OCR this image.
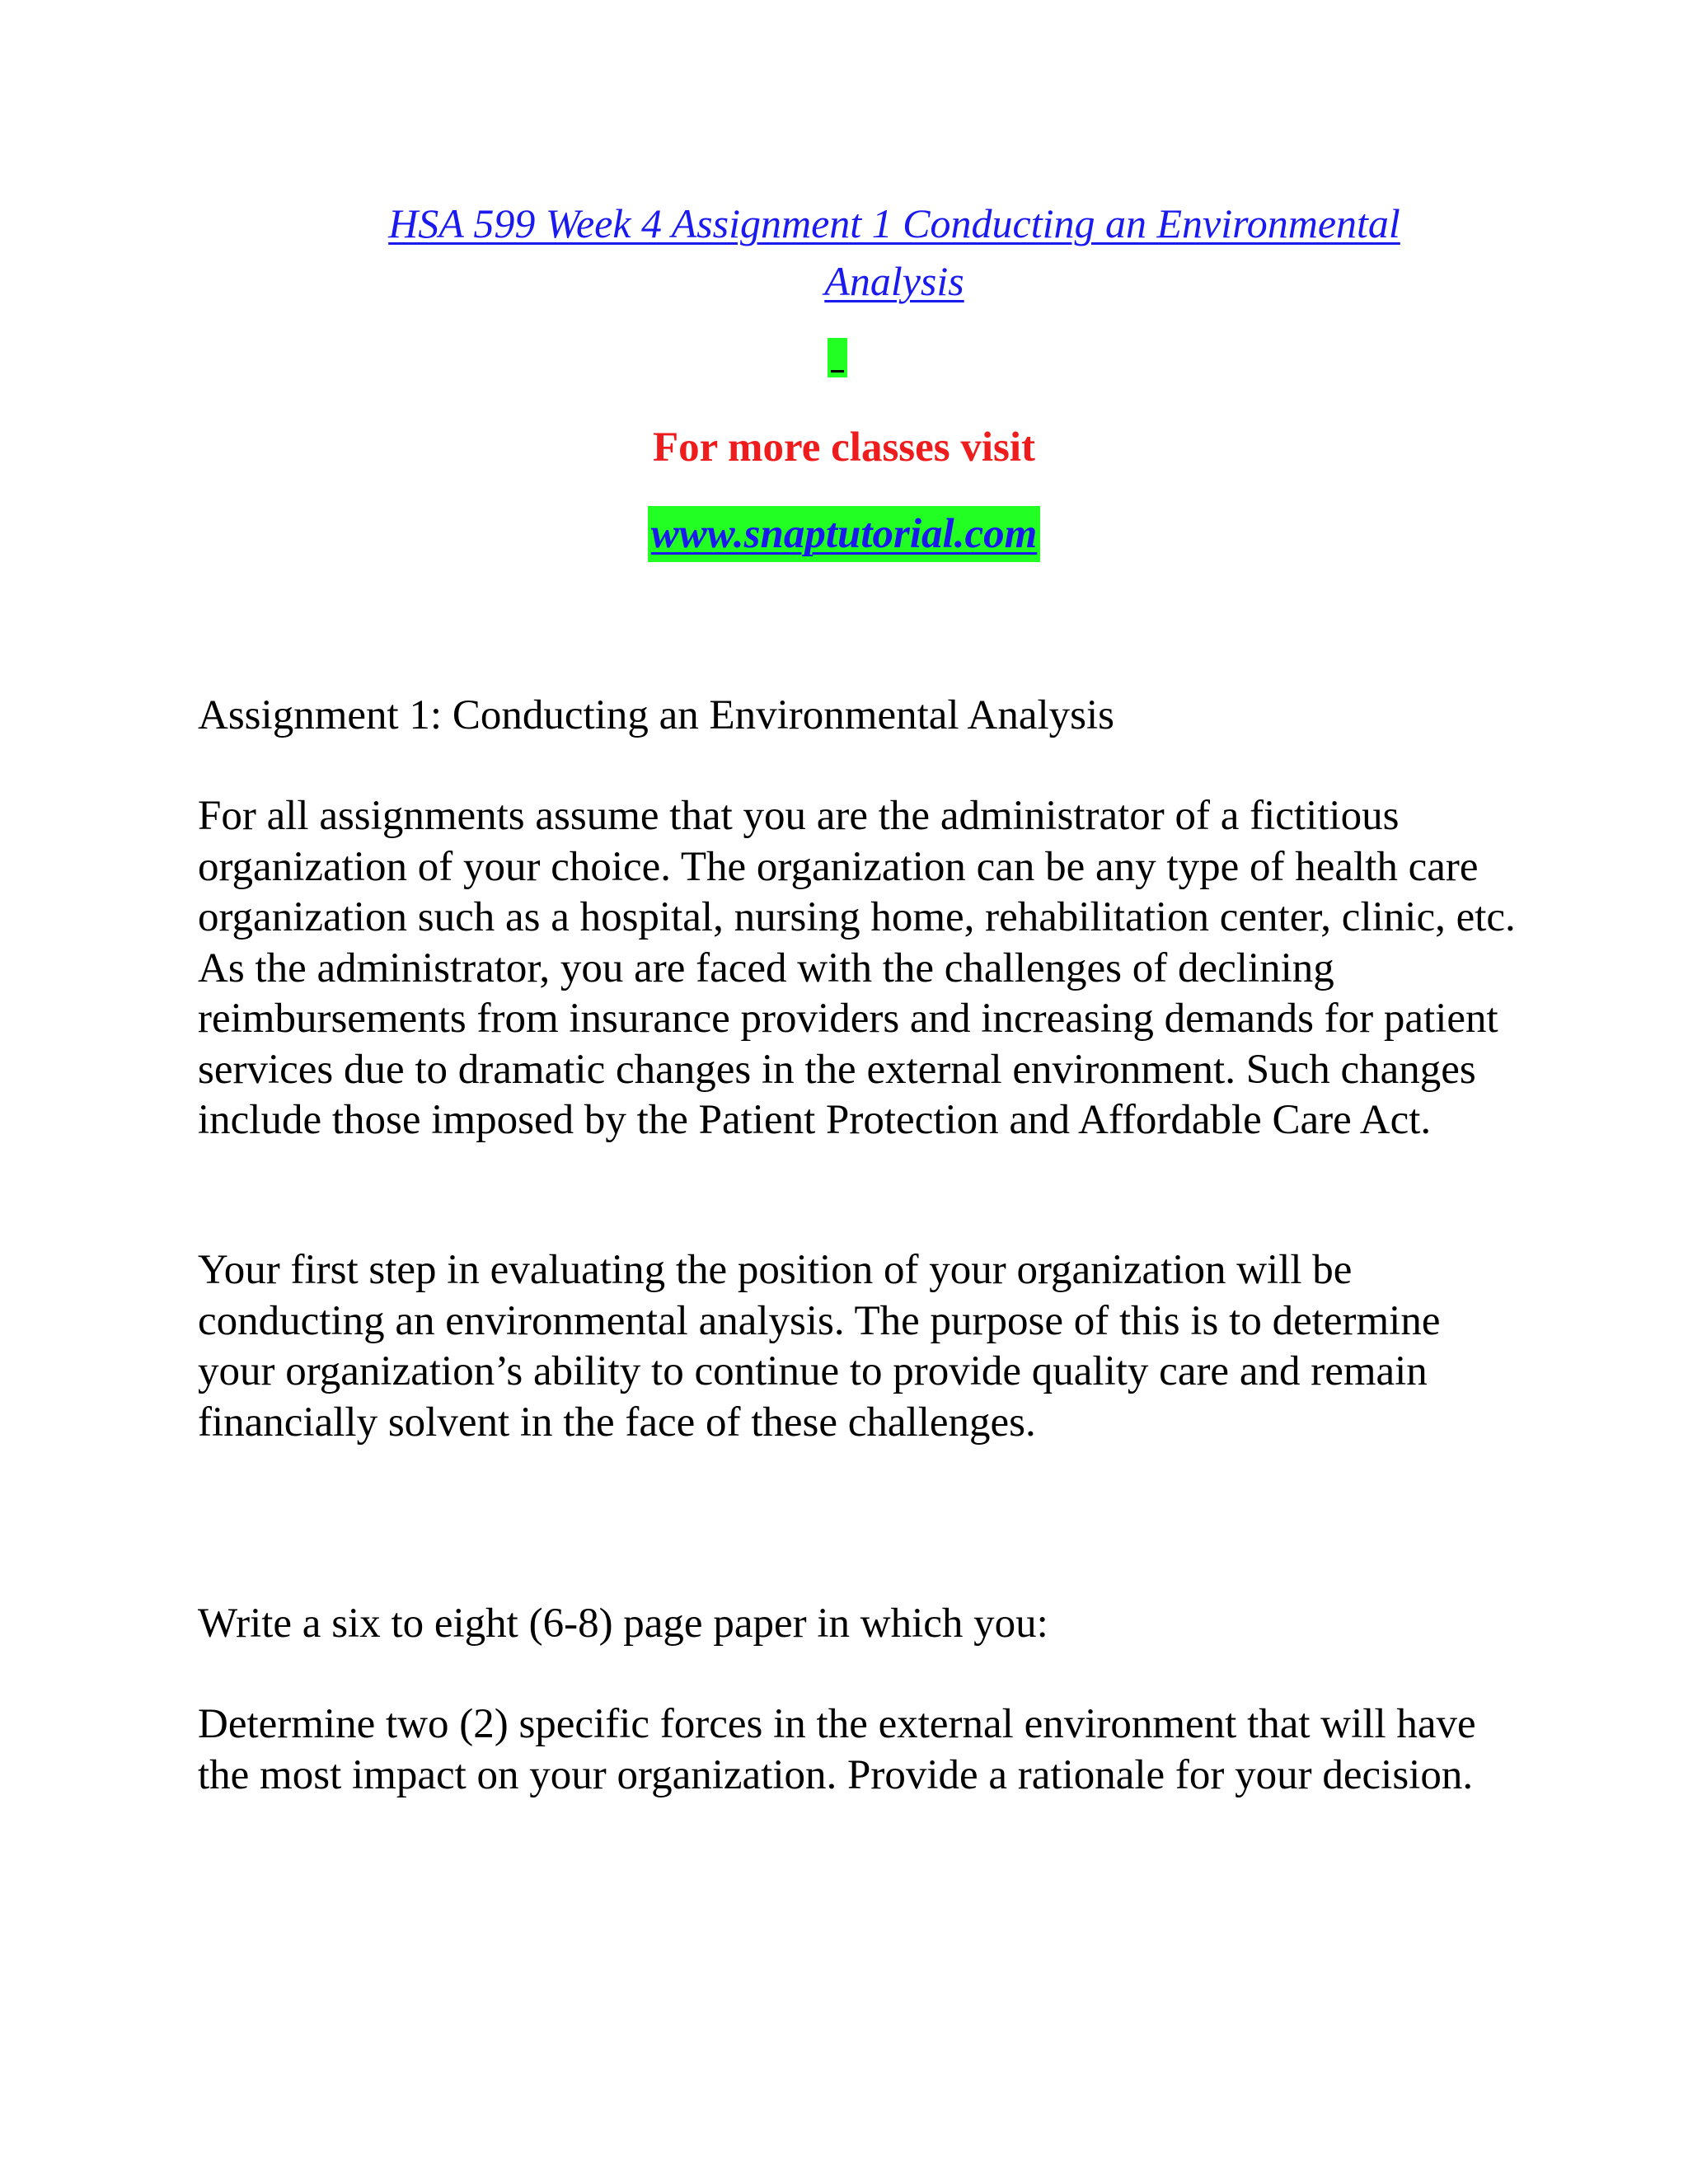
HSA 599 Week 4 Assignment 1 Conducting an Environmental
Analysis
For more classes visit
www.snaptutorial.com

Assignment 1: Conducting an Environmental Analysis

For all assignments assume that you are the administrator of a fictitious organization of your choice. The organization can be any type of health care organization such as a hospital, nursing home, rehabilitation center, clinic, etc. As the administrator, you are faced with the challenges of declining reimbursements from insurance providers and increasing demands for patient services due to dramatic changes in the external environment. Such changes include those imposed by the Patient Protection and Affordable Care Act.

Your first step in evaluating the position of your organization will be conducting an environmental analysis. The purpose of this is to determine your organization’s ability to continue to provide quality care and remain financially solvent in the face of these challenges.

Write a six to eight (6-8) page paper in which you:

Determine two (2) specific forces in the external environment that will have the most impact on your organization. Provide a rationale for your decision.
